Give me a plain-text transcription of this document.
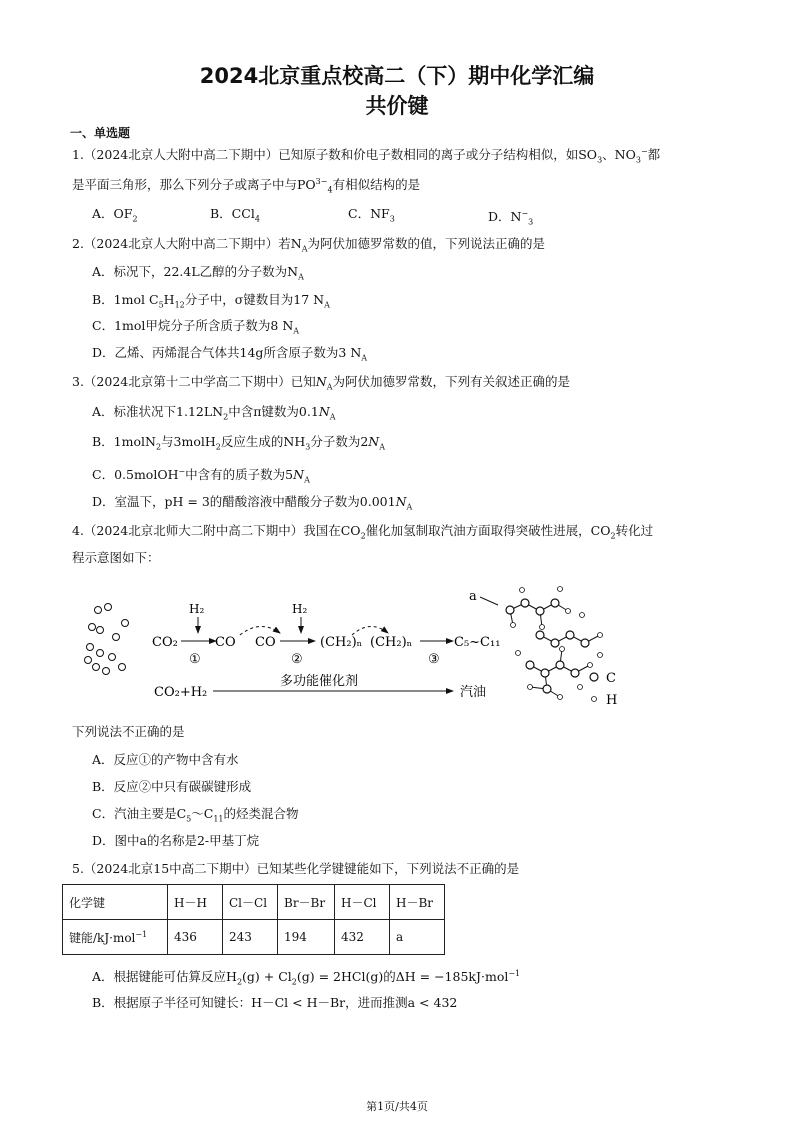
2024北京重点校高二（下）期中化学汇编
共价键
一、单选题
1.（2024北京人大附中高二下期中）已知原子数和价电子数相同的离子或分子结构相似，如$SO_3$、$NO_3^-$都
是平面三角形，那么下列分子或离子中与$PO^{3-}_4$有相似结构的是
A．$OF_2$	B．CCl$_4$	C．$NF_3$	D．$N^-_3$
2.（2024北京人大附中高二下期中）若$N_A$为阿伏加德罗常数的值，下列说法正确的是
A．标况下，22.4L乙醇的分子数为$N_A$
B．1mol $C_5H_{12}$分子中，σ键数目为17 $N_A$
C．1mol甲烷分子所含质子数为8 $N_A$
D．乙烯、丙烯混合气体共14g所含原子数为3 $N_A$
3.（2024北京第十二中学高二下期中）已知$N_A$为阿伏加德罗常数，下列有关叙述正确的是
A．标准状况下$1.12LN_2$中含π键数为$0.1N_A$
B．1molN$_2$与3molH$_2$反应生成的$NH_3$分子数为$2N_A$
C．0.5molOH−中含有的质子数为$5N_A$
D．室温下，pH = 3的醋酸溶液中醋酸分子数为$0.001N_A$
4.（2024北京北师大二附中高二下期中）我国在$CO_2$催化加氢制取汽油方面取得突破性进展，$CO_2$转化过
程示意图如下：
CO₂
H₂
①
CO CO
H₂
②
(CH₂)ₙ (CH₂)ₙ
③
C₅~C₁₁
CO₂+H₂
多功能催化剂
汽油
a
C
H
下列说法不正确的是
A．反应①的产物中含有水
B．反应②中只有碳碳键形成
C．汽油主要是$C_5\sim C_{11}$的烃类混合物
D．图中a的名称是2-甲基丁烷
5.（2024北京15中高二下期中）已知某些化学键键能如下，下列说法不正确的是
化学键	H－H	Cl－Cl	Br－Br	H－Cl	H－Br
键能/kJ·mol$^{-1}$	436	243	194	432	a
A．根据键能可估算反应$H_2(g) + Cl_2(g) = 2HCl(g)$的ΔH = −185kJ·mol$^{-1}$
B．根据原子半径可知键长：H－Cl < H－Br，进而推测a < 432
第1页/共4页
